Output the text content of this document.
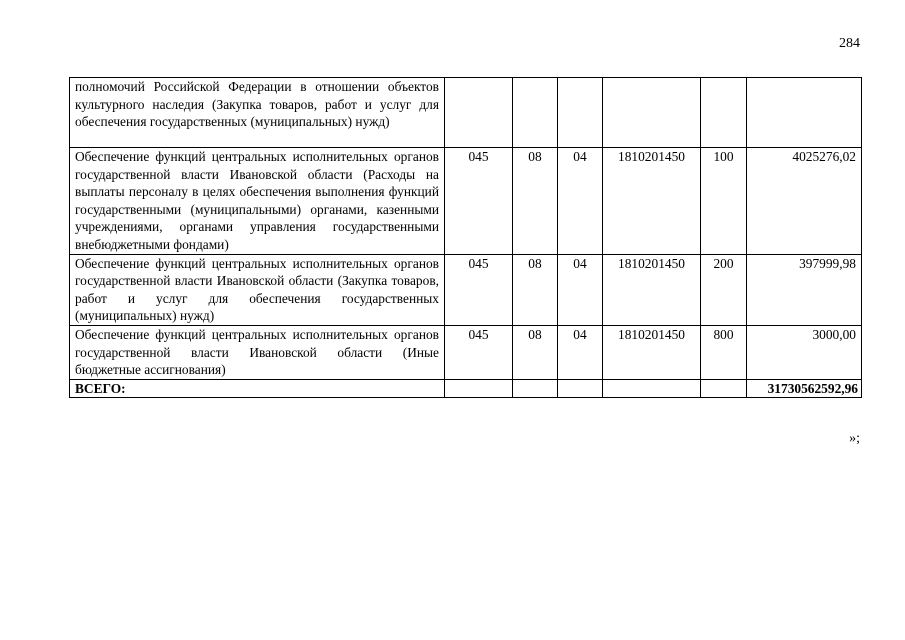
284
полномочий Российской Федерации в отношении объектов культурного наследия (Закупка товаров, работ и услуг для обеспечения государственных (муниципальных) нужд)						
Обеспечение функций центральных исполнительных органов государственной власти Ивановской области (Расходы на выплаты персоналу в целях обеспечения выполнения функций государственными (муниципальными) органами, казенными учреждениями, органами управления государственными внебюджетными фондами)	045	08	04	1810201450	100	4025276,02
Обеспечение функций центральных исполнительных органов государственной власти Ивановской области (Закупка товаров, работ и услуг для обеспечения государственных (муниципальных) нужд)	045	08	04	1810201450	200	397999,98
Обеспечение функций центральных исполнительных органов государственной власти Ивановской области (Иные бюджетные ассигнования)	045	08	04	1810201450	800	3000,00
ВСЕГО:						31730562592,96
»;
